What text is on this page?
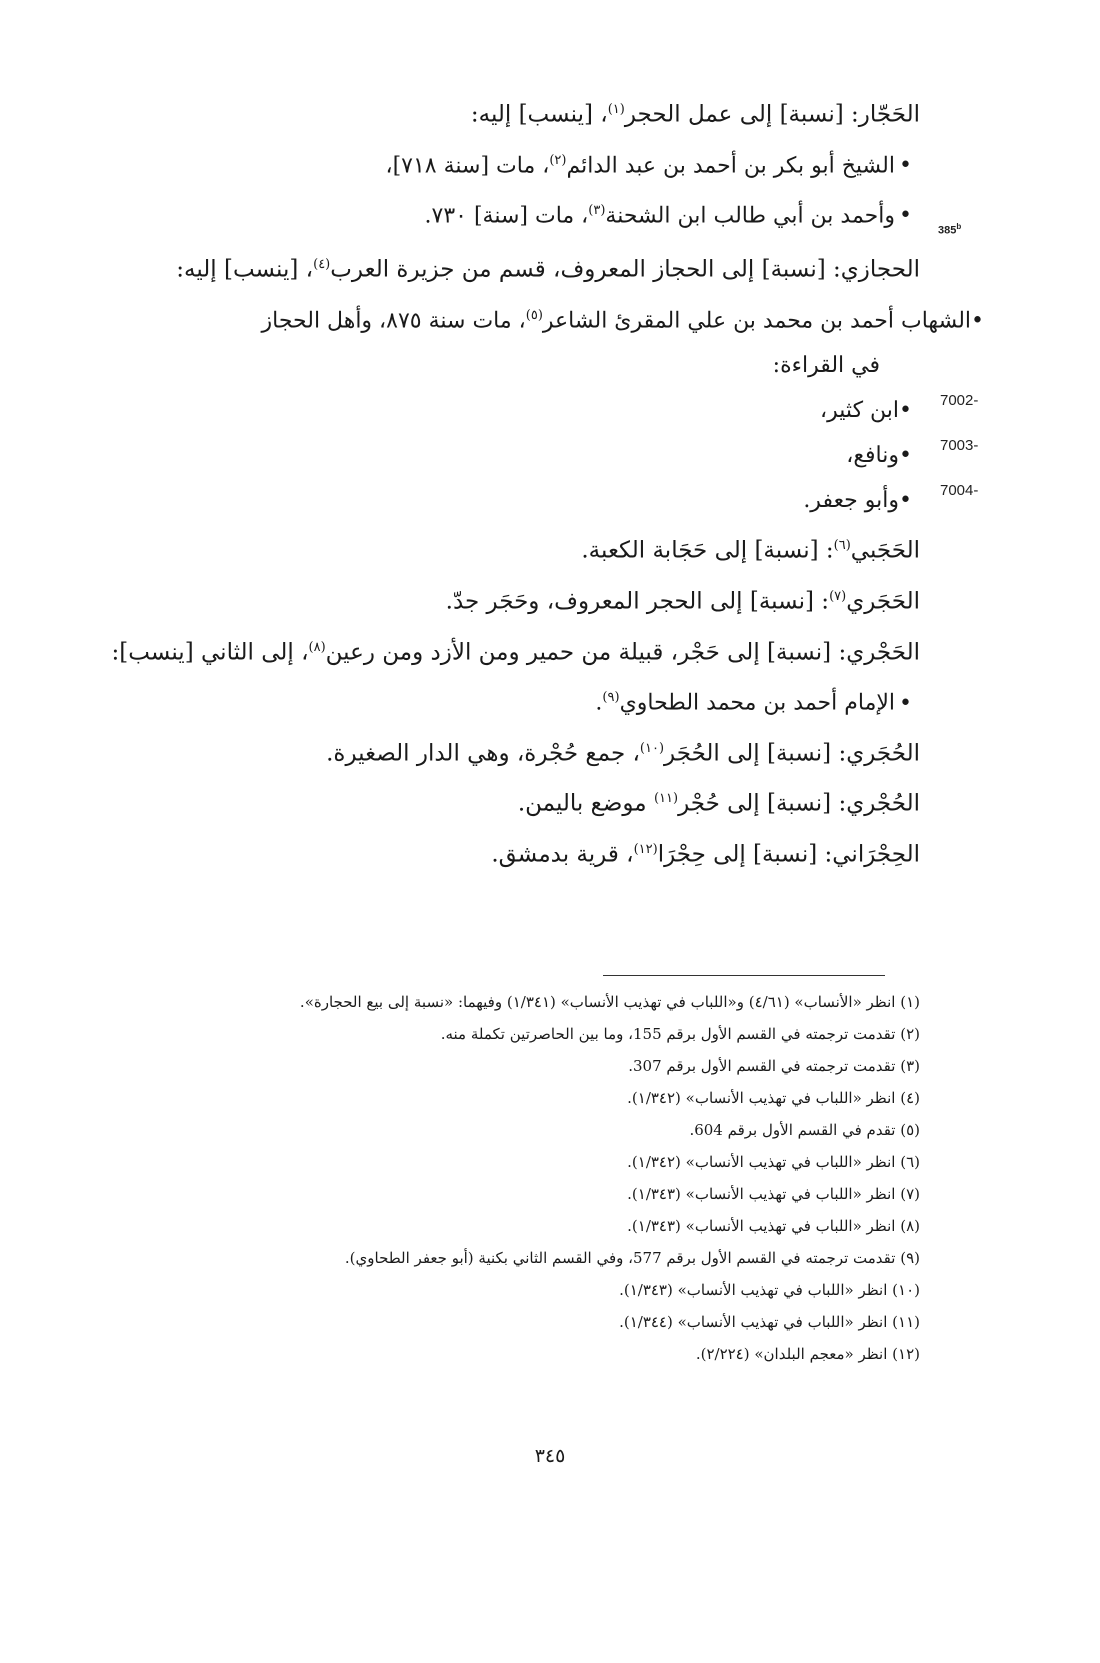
الحَجّار: [نسبة] إلى عمل الحجر$^{(١)}$، [ينسب] إليه:
•الشيخ أبو بكر بن أحمد بن عبد الدائم$^{(٢)}$، مات [سنة ٧١٨]،
•وأحمد بن أبي طالب ابن الشحنة$^{(٣)}$، مات [سنة] ٧٣٠.
الحجازي: [نسبة] إلى الحجاز المعروف، قسم من جزيرة العرب$^{(٤)}$، [ينسب] إليه:
•الشهاب أحمد بن محمد بن علي المقرئ الشاعر$^{(٥)}$، مات سنة ٨٧٥، وأهل الحجاز
في القراءة:
•ابن كثير،
•ونافع،
•وأبو جعفر.
الحَجَبي$^{(٦)}$: [نسبة] إلى حَجَابة الكعبة.
الحَجَري$^{(٧)}$: [نسبة] إلى الحجر المعروف، وحَجَر جدّ.
الحَجْري: [نسبة] إلى حَجْر، قبيلة من حمير ومن الأزد ومن رعين$^{(٨)}$، إلى الثاني [ينسب]:
•الإمام أحمد بن محمد الطحاوي$^{(٩)}$.
الحُجَري: [نسبة] إلى الحُجَر$^{(١٠)}$، جمع حُجْرة، وهي الدار الصغيرة.
الحُجْري: [نسبة] إلى حُجْر$^{(١١)}$ موضع باليمن.
الحِجْرَاني: [نسبة] إلى حِجْرَا$^{(١٢)}$، قرية بدمشق.
385$^b$
7002-
7003-
7004-
(١) انظر «الأنساب» (٤/٦١) و«اللباب في تهذيب الأنساب» (١/٣٤١) وفيهما: «نسبة إلى بيع الحجارة».
(٢) تقدمت ترجمته في القسم الأول برقم 155، وما بين الحاصرتين تكملة منه.
(٣) تقدمت ترجمته في القسم الأول برقم 307.
(٤) انظر «اللباب في تهذيب الأنساب» (١/٣٤٢).
(٥) تقدم في القسم الأول برقم 604.
(٦) انظر «اللباب في تهذيب الأنساب» (١/٣٤٢).
(٧) انظر «اللباب في تهذيب الأنساب» (١/٣٤٣).
(٨) انظر «اللباب في تهذيب الأنساب» (١/٣٤٣).
(٩) تقدمت ترجمته في القسم الأول برقم 577، وفي القسم الثاني بكنية (أبو جعفر الطحاوي).
(١٠) انظر «اللباب في تهذيب الأنساب» (١/٣٤٣).
(١١) انظر «اللباب في تهذيب الأنساب» (١/٣٤٤).
(١٢) انظر «معجم البلدان» (٢/٢٢٤).
٣٤٥
